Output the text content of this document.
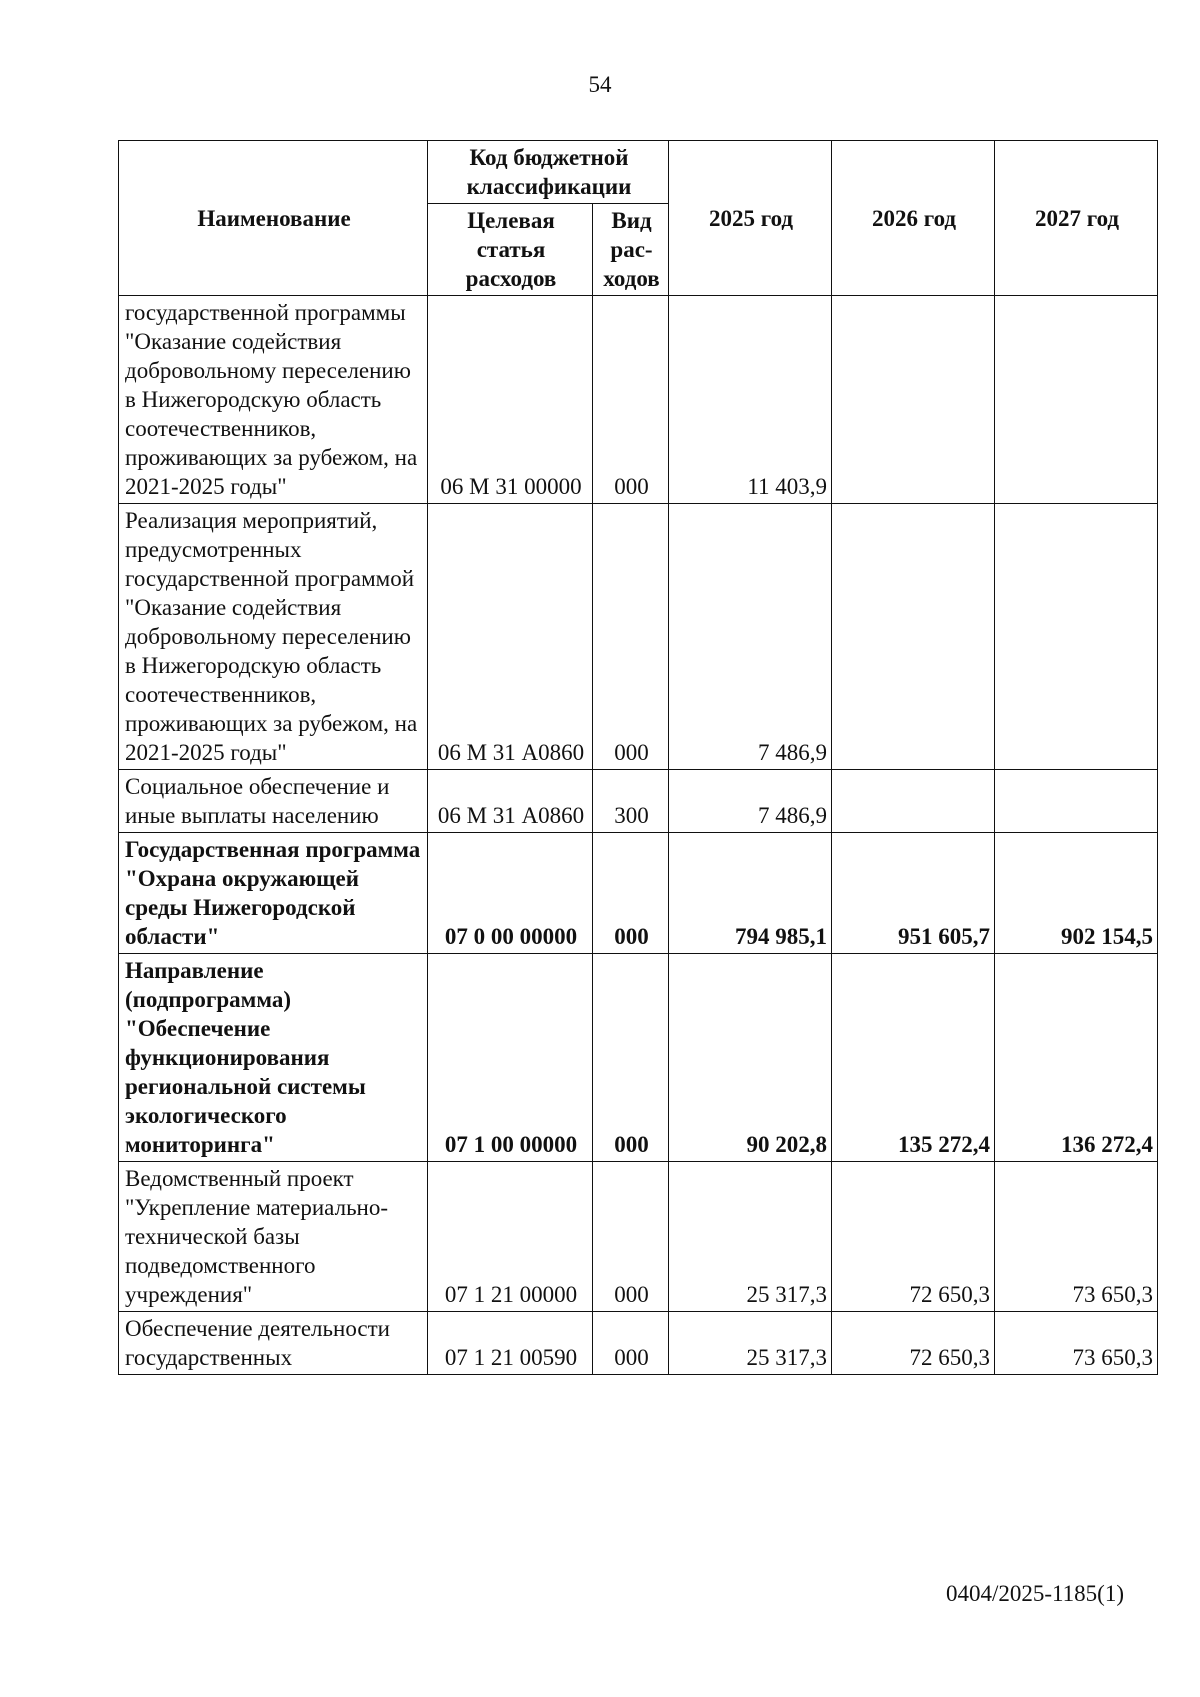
54
Наименование	Код бюджетной классификации		2025 год	2026 год	2027 год
	Целевая статья расходов	Вид рас-ходов			
государственной программы "Оказание содействия добровольному переселению в Нижегородскую область соотечественников, проживающих за рубежом, на 2021-2025 годы"	06 М 31 00000	000	11 403,9		
Реализация мероприятий, предусмотренных государственной программой "Оказание содействия добровольному переселению в Нижегородскую область соотечественников, проживающих за рубежом, на 2021-2025 годы"	06 М 31 А0860	000	7 486,9		
Социальное обеспечение и иные выплаты населению	06 М 31 А0860	300	7 486,9		
Государственная программа "Охрана окружающей среды Нижегородской области"	07 0 00 00000	000	794 985,1	951 605,7	902 154,5
Направление (подпрограмма) "Обеспечение функционирования региональной системы экологического мониторинга"	07 1 00 00000	000	90 202,8	135 272,4	136 272,4
Ведомственный проект "Укрепление материально-технической базы подведомственного учреждения"	07 1 21 00000	000	25 317,3	72 650,3	73 650,3
Обеспечение деятельности государственных	07 1 21 00590	000	25 317,3	72 650,3	73 650,3
0404/2025-1185(1)
